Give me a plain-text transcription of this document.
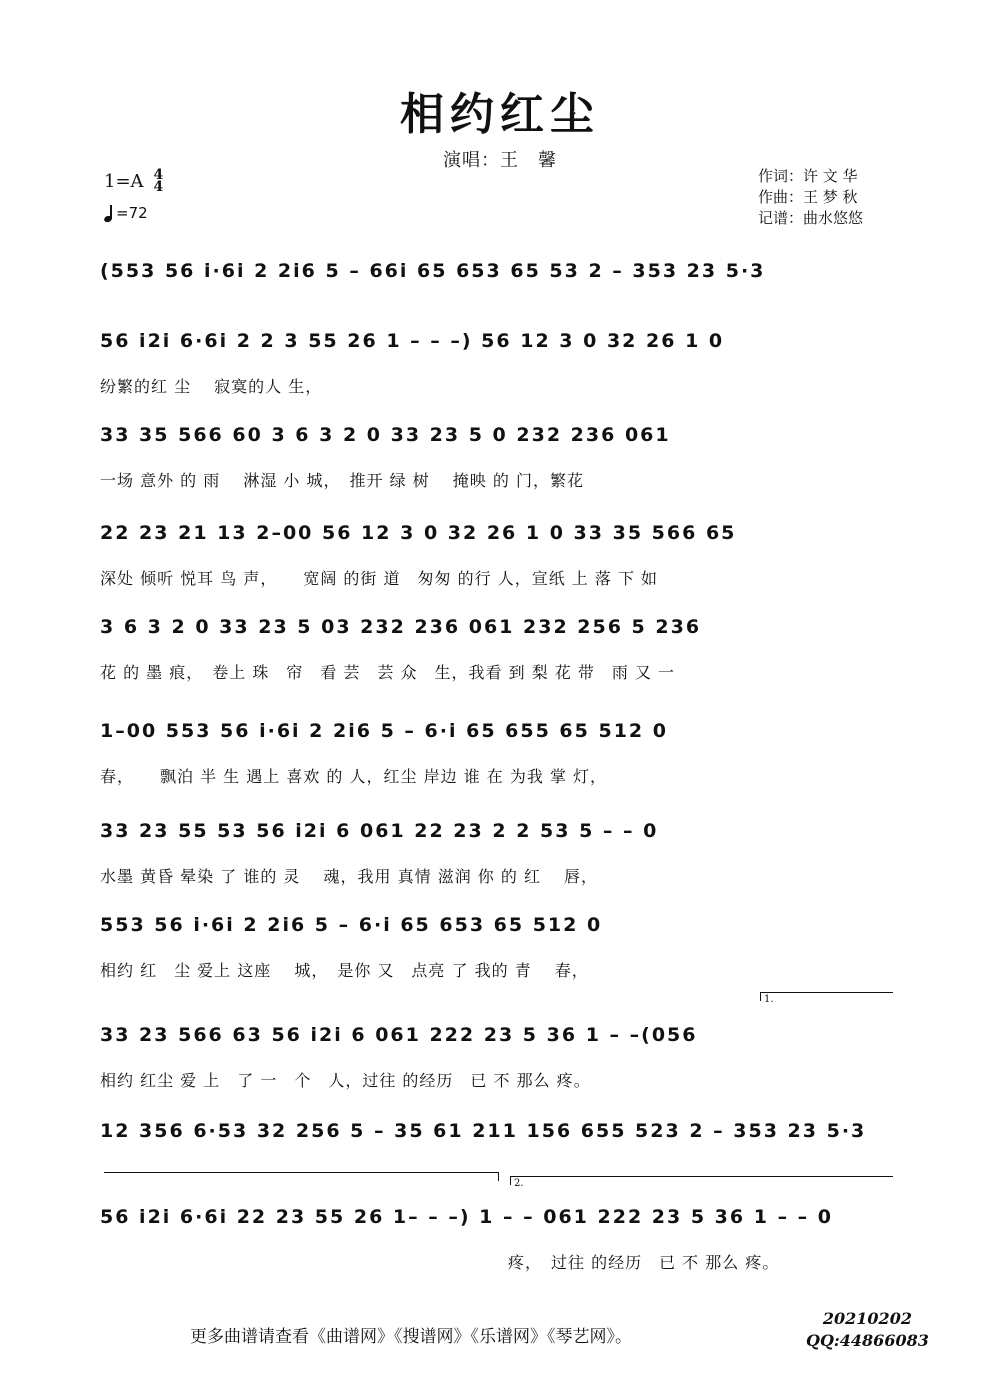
相约红尘
演唱：王　馨
1=A 4
4
=72
作词：许 文 华
作曲：王 梦 秋
记谱：曲水悠悠
(553 56 i·6i 2 2i6 5 – 66i 65 653 65 53 2 – 353 23 5·3
56 i2i 6·6i 2 2 3 55 26 1 – – –) 56 12 3 0 32 26 1 0
纷繁的红 尘　 寂寞的人 生，
33 35 566 60 3 6 3 2 0 33 23 5 0 232 236 061
一场 意外 的 雨　 淋湿 小 城，　推开 绿 树　 掩映 的 门，繁花
22 23 21 13 2–00 56 12 3 0 32 26 1 0 33 35 566 65
深处 倾听 悦耳 鸟 声，　　宽阔 的街 道　匆匆 的行 人，宣纸 上 落 下 如
3 6 3 2 0 33 23 5 03 232 236 061 232 256 5 236
花 的 墨 痕，　卷上 珠　帘　看 芸　芸 众　生，我看 到 梨 花 带　雨 又 一
1–00 553 56 i·6i 2 2i6 5 – 6·i 65 655 65 512 0
春，　　飘泊 半 生 遇上 喜欢 的 人，红尘 岸边 谁 在 为我 掌 灯，
33 23 55 53 56 i2i 6 061 22 23 2 2 53 5 – – 0
水墨 黄昏 晕染 了 谁的 灵　 魂，我用 真情 滋润 你 的 红　 唇，
553 56 i·6i 2 2i6 5 – 6·i 65 653 65 512 0
相约 红　尘 爱上 这座　 城，　是你 又　点亮 了 我的 青　 春，
1.
33 23 566 63 56 i2i 6 061 222 23 5 36 1 – –(056
相约 红尘 爱 上　了 一　个　人，过往 的经历　已 不 那么 疼。
12 356 6·53 32 256 5 – 35 61 211 156 655 523 2 – 353 23 5·3
2.
56 i2i 6·6i 22 23 55 26 1– – –) 1 – – 061 222 23 5 36 1 – – 0
疼，　过往 的经历　已 不 那么 疼。
更多曲谱请查看《曲谱网》《搜谱网》《乐谱网》《琴艺网》。
20210202
QQ:44866083
